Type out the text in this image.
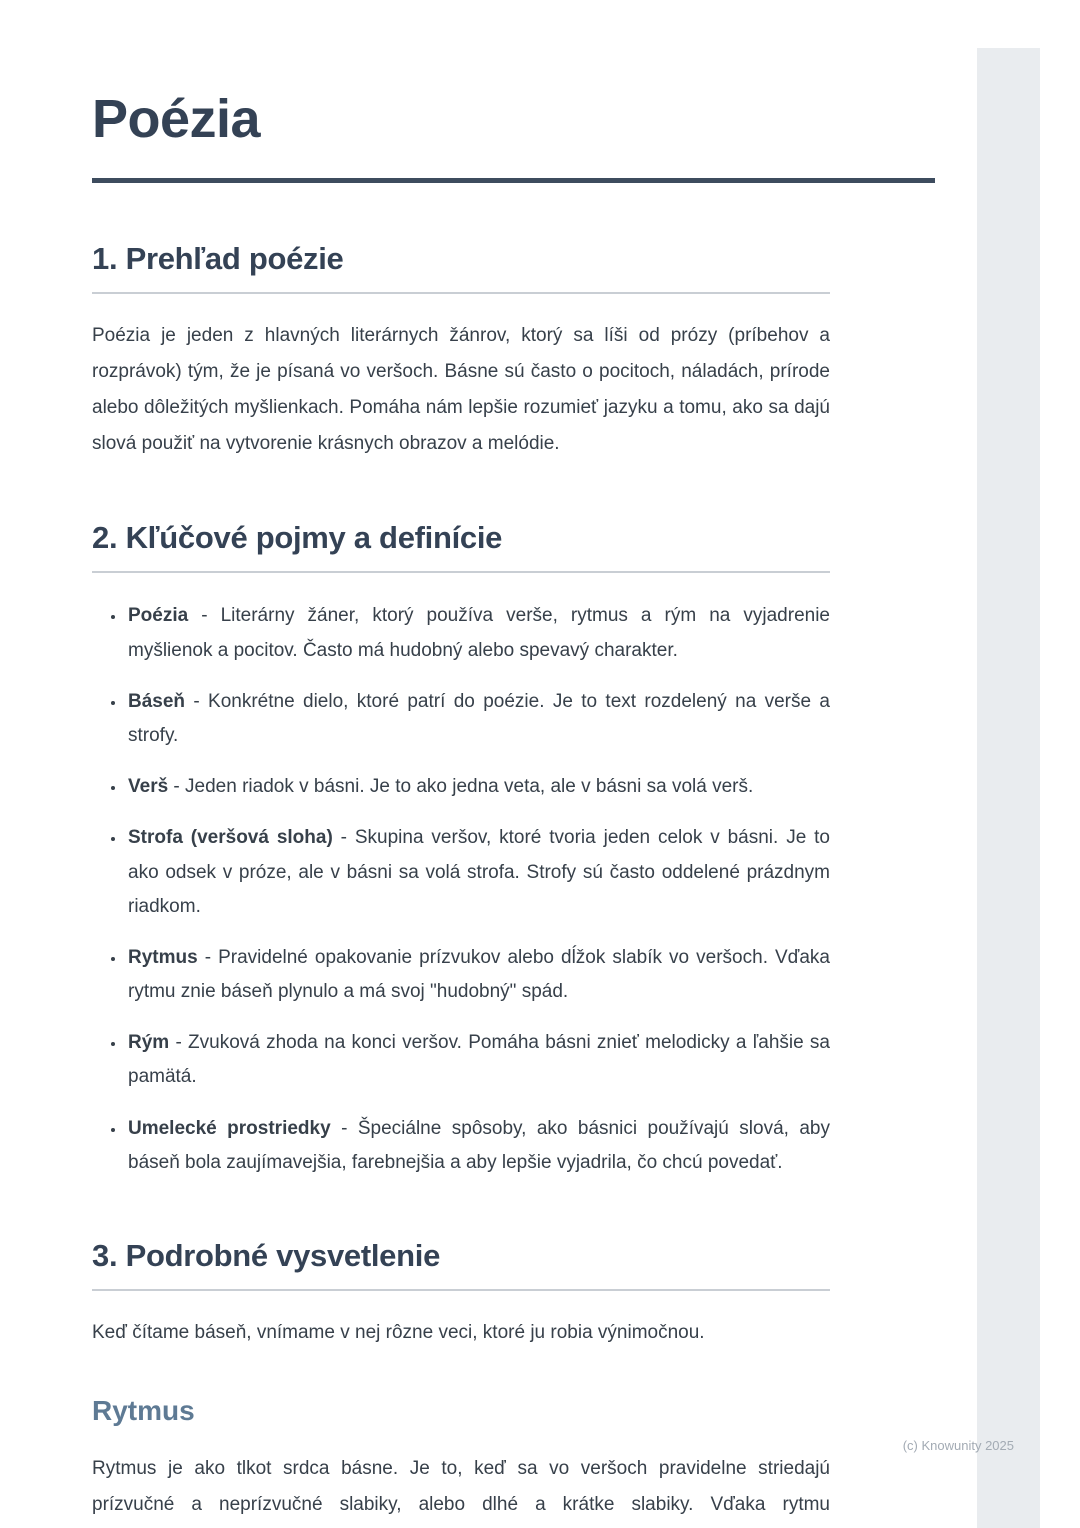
Poézia
1. Prehľad poézie

Poézia je jeden z hlavných literárnych žánrov, ktorý sa líši od prózy (príbehov a rozprávok) tým, že je písaná vo veršoch. Básne sú často o pocitoch, náladách, prírode alebo dôležitých myšlienkach. Pomáha nám lepšie rozumieť jazyku a tomu, ako sa dajú slová použiť na vytvorenie krásnych obrazov a melódie.

2. Kľúčové pojmy a definície
• Poézia - Literárny žáner, ktorý používa verše, rytmus a rým na vyjadrenie myšlienok a pocitov. Často má hudobný alebo spevavý charakter.
• Báseň - Konkrétne dielo, ktoré patrí do poézie. Je to text rozdelený na verše a strofy.
• Verš - Jeden riadok v básni. Je to ako jedna veta, ale v básni sa volá verš.
• Strofa (veršová sloha) - Skupina veršov, ktoré tvoria jeden celok v básni. Je to ako odsek v próze, ale v básni sa volá strofa. Strofy sú často oddelené prázdnym riadkom.
• Rytmus - Pravidelné opakovanie prízvukov alebo dĺžok slabík vo veršoch. Vďaka rytmu znie báseň plynulo a má svoj "hudobný" spád.
• Rým - Zvuková zhoda na konci veršov. Pomáha básni znieť melodicky a ľahšie sa pamätá.
• Umelecké prostriedky - Špeciálne spôsoby, ako básnici používajú slová, aby báseň bola zaujímavejšia, farebnejšia a aby lepšie vyjadrila, čo chcú povedať.
3. Podrobné vysvetlenie

Keď čítame báseň, vnímame v nej rôzne veci, ktoré ju robia výnimočnou.

Rytmus

Rytmus je ako tlkot srdca básne. Je to, keď sa vo veršoch pravidelne striedajú prízvučné a neprízvučné slabiky, alebo dlhé a krátke slabiky. Vďaka rytmu

(c) Knowunity 2025
